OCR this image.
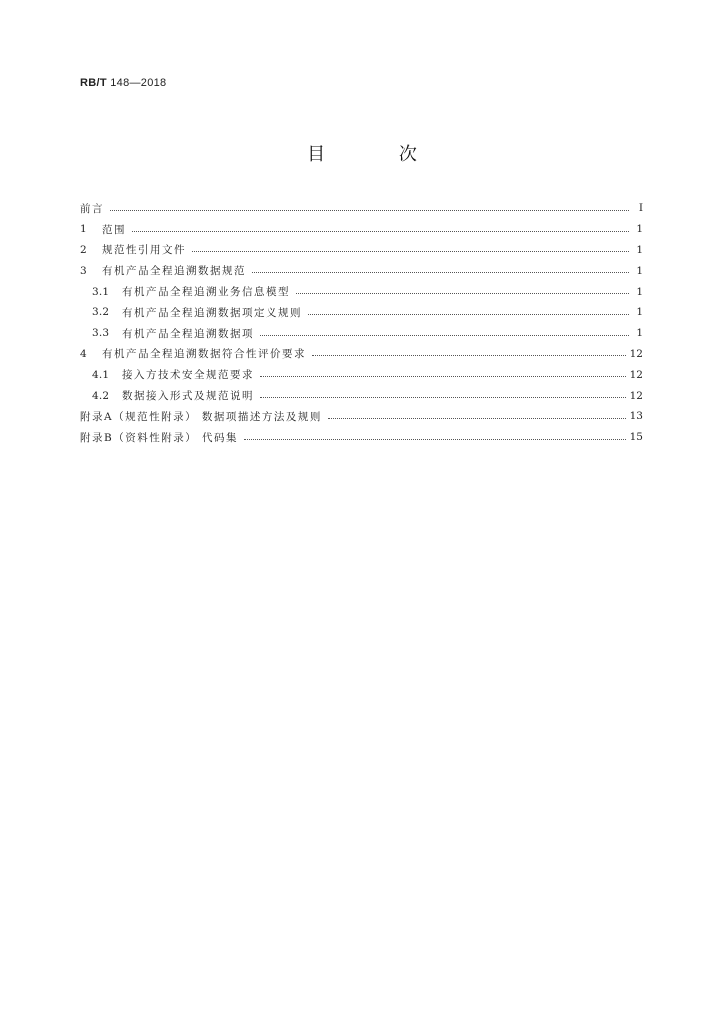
RB/T 148—2018
目 次
前言	Ⅰ
1	范围	1
2	规范性引用文件	1
3	有机产品全程追溯数据规范	1
3.1	有机产品全程追溯业务信息模型	1
3.2	有机产品全程追溯数据项定义规则	1
3.3	有机产品全程追溯数据项	1
4	有机产品全程追溯数据符合性评价要求	12
4.1	接入方技术安全规范要求	12
4.2	数据接入形式及规范说明	12
附录A（规范性附录） 数据项描述方法及规则	13
附录B（资料性附录） 代码集	15
